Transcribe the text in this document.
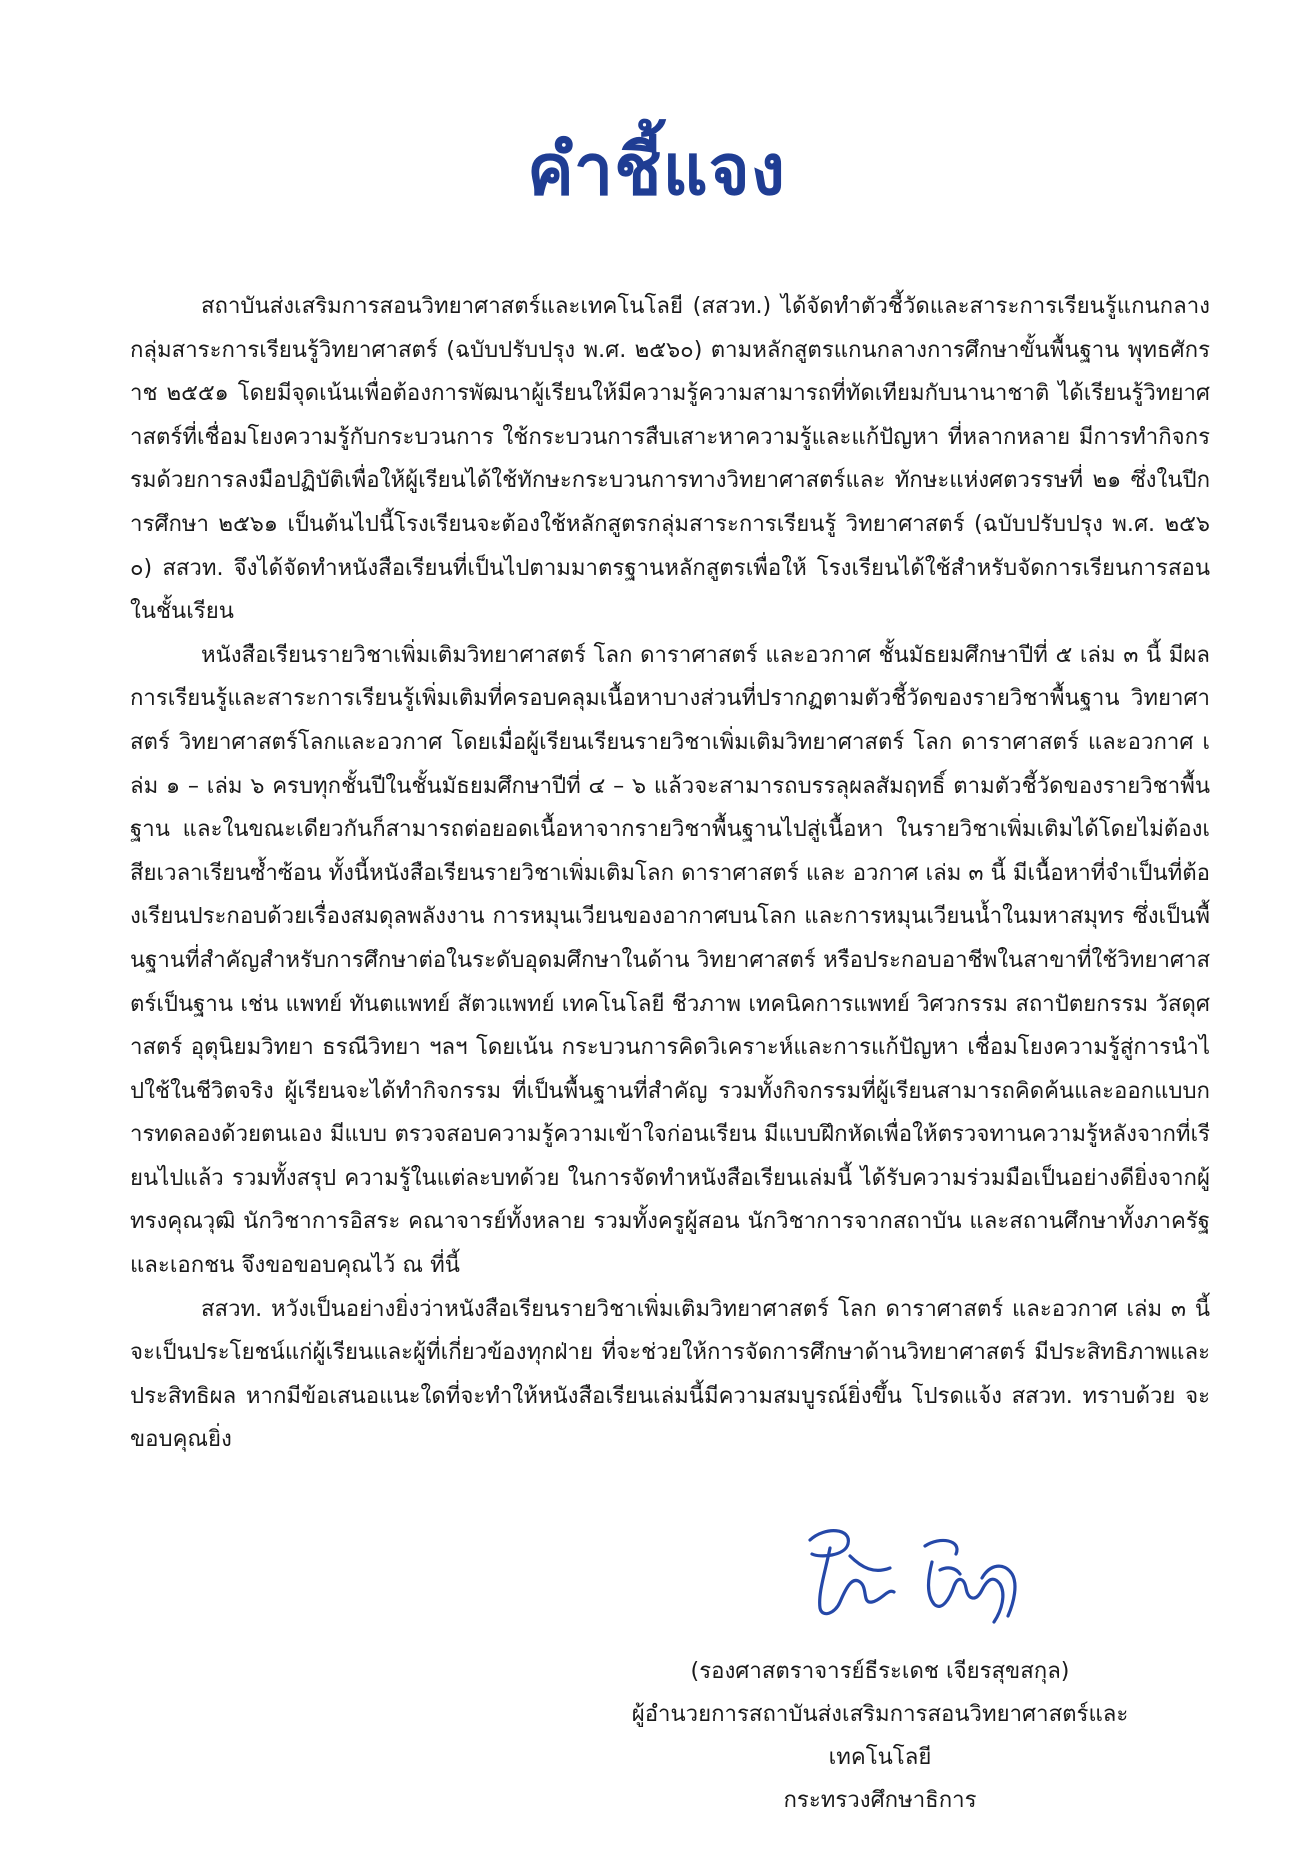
คำชี้แจง

สถาบันส่งเสริมการสอนวิทยาศาสตร์และเทคโนโลยี (สสวท.) ได้จัดทำตัวชี้วัดและสาระการเรียนรู้แกนกลาง กลุ่มสาระการเรียนรู้วิทยาศาสตร์ (ฉบับปรับปรุง พ.ศ. ๒๕๖๐) ตามหลักสูตรแกนกลางการศึกษาขั้นพื้นฐาน พุทธศักราช ๒๕๕๑ โดยมีจุดเน้นเพื่อต้องการพัฒนาผู้เรียนให้มีความรู้ความสามารถที่ทัดเทียมกับนานาชาติ ได้เรียนรู้วิทยาศาสตร์ที่เชื่อมโยงความรู้กับกระบวนการ ใช้กระบวนการสืบเสาะหาความรู้และแก้ปัญหา ที่หลากหลาย มีการทำกิจกรรมด้วยการลงมือปฏิบัติเพื่อให้ผู้เรียนได้ใช้ทักษะกระบวนการทางวิทยาศาสตร์และ ทักษะแห่งศตวรรษที่ ๒๑ ซึ่งในปีการศึกษา ๒๕๖๑ เป็นต้นไปนี้โรงเรียนจะต้องใช้หลักสูตรกลุ่มสาระการเรียนรู้ วิทยาศาสตร์ (ฉบับปรับปรุง พ.ศ. ๒๕๖๐) สสวท. จึงได้จัดทำหนังสือเรียนที่เป็นไปตามมาตรฐานหลักสูตรเพื่อให้ โรงเรียนได้ใช้สำหรับจัดการเรียนการสอนในชั้นเรียน

หนังสือเรียนรายวิชาเพิ่มเติมวิทยาศาสตร์ โลก ดาราศาสตร์ และอวกาศ ชั้นมัธยมศึกษาปีที่ ๕ เล่ม ๓ นี้ มีผลการเรียนรู้และสาระการเรียนรู้เพิ่มเติมที่ครอบคลุมเนื้อหาบางส่วนที่ปรากฏตามตัวชี้วัดของรายวิชาพื้นฐาน วิทยาศาสตร์ วิทยาศาสตร์โลกและอวกาศ โดยเมื่อผู้เรียนเรียนรายวิชาเพิ่มเติมวิทยาศาสตร์ โลก ดาราศาสตร์ และอวกาศ เล่ม ๑ – เล่ม ๖ ครบทุกชั้นปีในชั้นมัธยมศึกษาปีที่ ๔ – ๖ แล้วจะสามารถบรรลุผลสัมฤทธิ์ ตามตัวชี้วัดของรายวิชาพื้นฐาน และในขณะเดียวกันก็สามารถต่อยอดเนื้อหาจากรายวิชาพื้นฐานไปสู่เนื้อหา ในรายวิชาเพิ่มเติมได้โดยไม่ต้องเสียเวลาเรียนซ้ำซ้อน ทั้งนี้หนังสือเรียนรายวิชาเพิ่มเติมโลก ดาราศาสตร์ และ อวกาศ เล่ม ๓ นี้ มีเนื้อหาที่จำเป็นที่ต้องเรียนประกอบด้วยเรื่องสมดุลพลังงาน การหมุนเวียนของอากาศบนโลก และการหมุนเวียนน้ำในมหาสมุทร ซึ่งเป็นพื้นฐานที่สำคัญสำหรับการศึกษาต่อในระดับอุดมศึกษาในด้าน วิทยาศาสตร์ หรือประกอบอาชีพในสาขาที่ใช้วิทยาศาสตร์เป็นฐาน เช่น แพทย์ ทันตแพทย์ สัตวแพทย์ เทคโนโลยี ชีวภาพ เทคนิคการแพทย์ วิศวกรรม สถาปัตยกรรม วัสดุศาสตร์ อุตุนิยมวิทยา ธรณีวิทยา ฯลฯ โดยเน้น กระบวนการคิดวิเคราะห์และการแก้ปัญหา เชื่อมโยงความรู้สู่การนำไปใช้ในชีวิตจริง ผู้เรียนจะได้ทำกิจกรรม ที่เป็นพื้นฐานที่สำคัญ รวมทั้งกิจกรรมที่ผู้เรียนสามารถคิดค้นและออกแบบการทดลองด้วยตนเอง มีแบบ ตรวจสอบความรู้ความเข้าใจก่อนเรียน มีแบบฝึกหัดเพื่อให้ตรวจทานความรู้หลังจากที่เรียนไปแล้ว รวมทั้งสรุป ความรู้ในแต่ละบทด้วย ในการจัดทำหนังสือเรียนเล่มนี้ ได้รับความร่วมมือเป็นอย่างดียิ่งจากผู้ทรงคุณวุฒิ นักวิชาการอิสระ คณาจารย์ทั้งหลาย รวมทั้งครูผู้สอน นักวิชาการจากสถาบัน และสถานศึกษาทั้งภาครัฐและเอกชน จึงขอขอบคุณไว้ ณ ที่นี้

สสวท. หวังเป็นอย่างยิ่งว่าหนังสือเรียนรายวิชาเพิ่มเติมวิทยาศาสตร์ โลก ดาราศาสตร์ และอวกาศ เล่ม ๓ นี้ จะเป็นประโยชน์แก่ผู้เรียนและผู้ที่เกี่ยวข้องทุกฝ่าย ที่จะช่วยให้การจัดการศึกษาด้านวิทยาศาสตร์ มีประสิทธิภาพและประสิทธิผล หากมีข้อเสนอแนะใดที่จะทำให้หนังสือเรียนเล่มนี้มีความสมบูรณ์ยิ่งขึ้น โปรดแจ้ง สสวท. ทราบด้วย จะขอบคุณยิ่ง

(รองศาสตราจารย์ธีระเดช เจียรสุขสกุล)
ผู้อำนวยการสถาบันส่งเสริมการสอนวิทยาศาสตร์และเทคโนโลยี
กระทรวงศึกษาธิการ
